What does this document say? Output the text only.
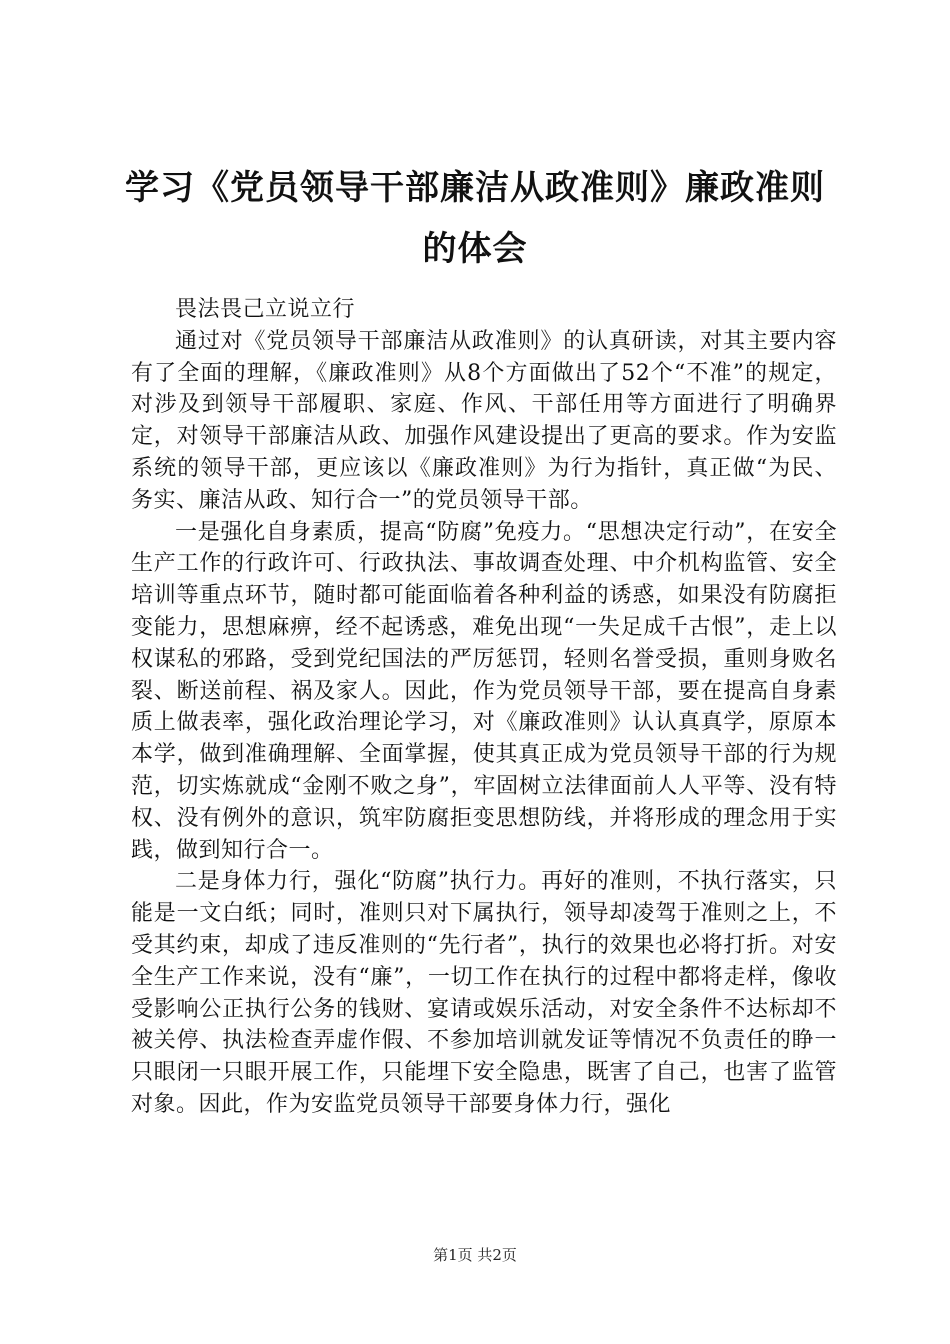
学习《党员领导干部廉洁从政准则》廉政准则
的体会

畏法畏己立说立行

通过对《党员领导干部廉洁从政准则》的认真研读，对其主要内容有了全面的理解，《廉政准则》从8个方面做出了52个“不准”的规定，对涉及到领导干部履职、家庭、作风、干部任用等方面进行了明确界定，对领导干部廉洁从政、加强作风建设提出了更高的要求。作为安监系统的领导干部，更应该以《廉政准则》为行为指针，真正做“为民、务实、廉洁从政、知行合一”的党员领导干部。

一是强化自身素质，提高“防腐”免疫力。“思想决定行动”，在安全生产工作的行政许可、行政执法、事故调查处理、中介机构监管、安全培训等重点环节，随时都可能面临着各种利益的诱惑，如果没有防腐拒变能力，思想麻痹，经不起诱惑，难免出现“一失足成千古恨”，走上以权谋私的邪路，受到党纪国法的严厉惩罚，轻则名誉受损，重则身败名裂、断送前程、祸及家人。因此，作为党员领导干部，要在提高自身素质上做表率，强化政治理论学习，对《廉政准则》认认真真学，原原本本学，做到准确理解、全面掌握，使其真正成为党员领导干部的行为规范，切实炼就成“金刚不败之身”，牢固树立法律面前人人平等、没有特权、没有例外的意识，筑牢防腐拒变思想防线，并将形成的理念用于实践，做到知行合一。

二是身体力行，强化“防腐”执行力。再好的准则，不执行落实，只能是一文白纸；同时，准则只对下属执行，领导却凌驾于准则之上，不受其约束，却成了违反准则的“先行者”，执行的效果也必将打折。对安全生产工作来说，没有“廉”，一切工作在执行的过程中都将走样，像收受影响公正执行公务的钱财、宴请或娱乐活动，对安全条件不达标却不被关停、执法检查弄虚作假、不参加培训就发证等情况不负责任的睁一只眼闭一只眼开展工作，只能埋下安全隐患，既害了自己，也害了监管对象。因此，作为安监党员领导干部要身体力行，强化

第1页 共2页
